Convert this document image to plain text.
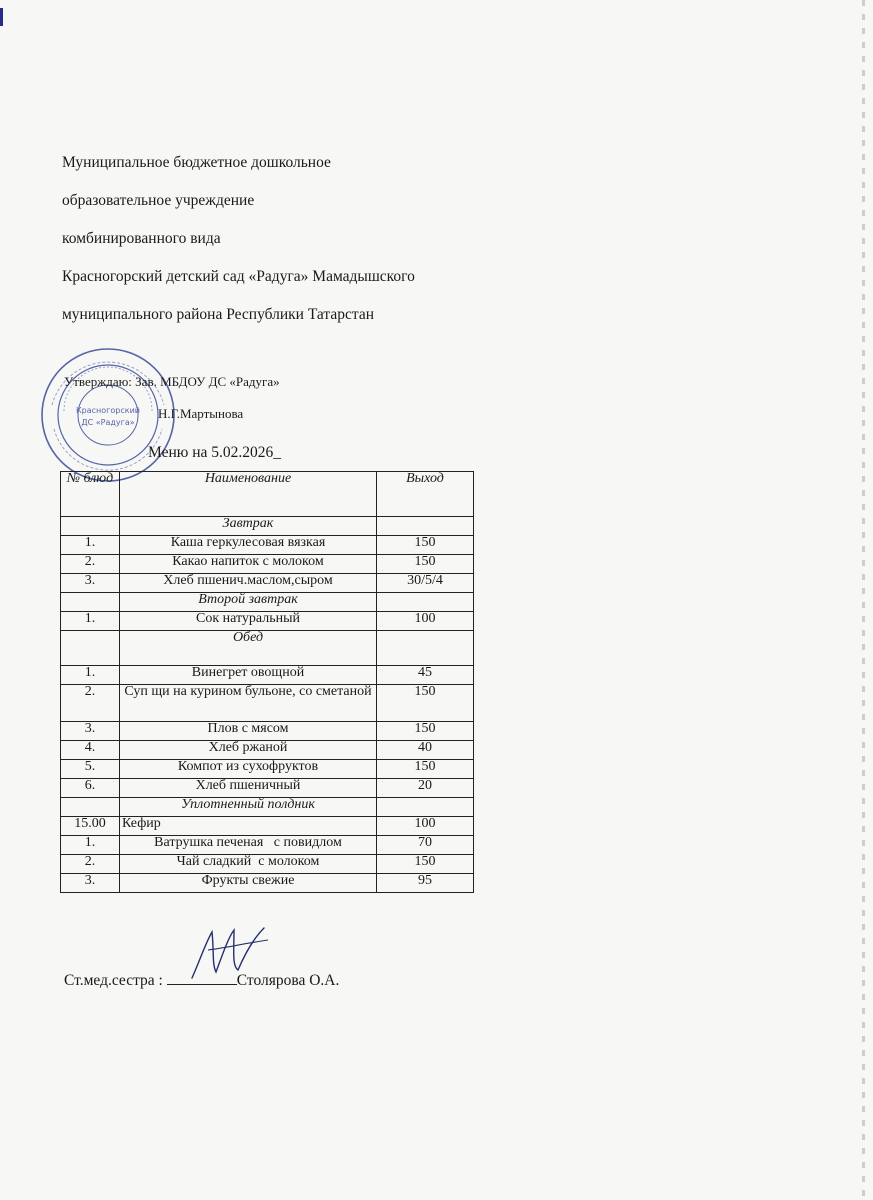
Муниципальное бюджетное дошкольное
образовательное учреждение
комбинированного вида
Красногорский детский сад «Радуга» Мамадышского
муниципального района Республики Татарстан
Красногорский
ДС «Радуга»
Утверждаю: Зав. МБДОУ ДС «Радуга»
Н.Г.Мартынова
Меню на 5.02.2026_
№ блюд	Наименование	Выход
	Завтрак	
1.	Каша геркулесовая вязкая	150
2.	Какао напиток с молоком	150
3.	Хлеб пшенич.маслом,сыром	30/5/4
	Второй завтрак	
1.	Сок натуральный	100
	Обед	
1.	Винегрет овощной	45
2.	Суп щи на курином бульоне, со сметаной	150
3.	Плов с мясом	150
4.	Хлеб ржаной	40
5.	Компот из сухофруктов	150
6.	Хлеб пшеничный	20
	Уплотненный полдник	
15.00	Кефир	100
1.	Ватрушка печеная   с повидлом	70
2.	Чай сладкий  с молоком	150
3.	Фрукты свежие	95
Ст.мед.сестра :	Столярова О.А.
